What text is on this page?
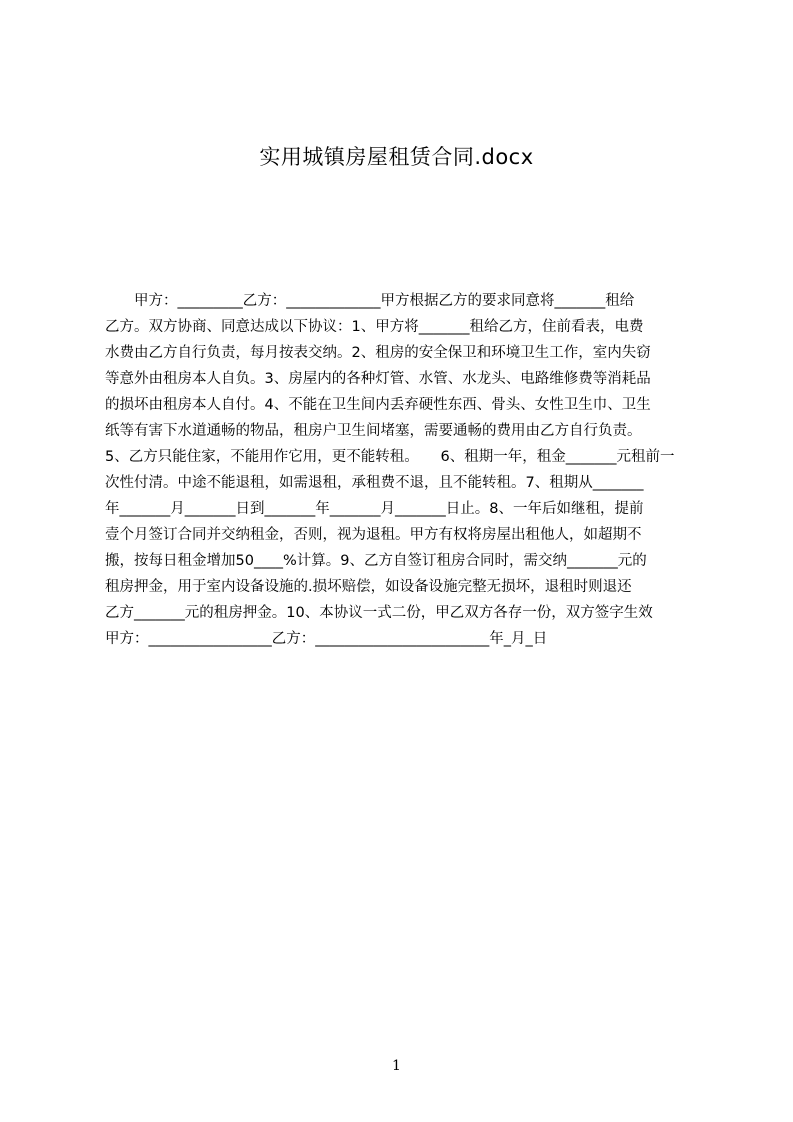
实用城镇房屋租赁合同.docx
　　甲方：_________乙方：_____________甲方根据乙方的要求同意将_______租给
乙方。双方协商、同意达成以下协议：1、甲方将_______租给乙方，住前看表，电费
水费由乙方自行负责，每月按表交纳。2、租房的安全保卫和环境卫生工作，室内失窃
等意外由租房本人自负。3、房屋内的各种灯管、水管、水龙头、电路维修费等消耗品
的损坏由租房本人自付。4、不能在卫生间内丢弃硬性东西、骨头、女性卫生巾、卫生
纸等有害下水道通畅的物品，租房户卫生间堵塞，需要通畅的费用由乙方自行负责。
5、乙方只能住家，不能用作它用，更不能转租。　　6、租期一年，租金_______元租前一
次性付清。中途不能退租，如需退租，承租费不退，且不能转租。7、租期从_______
年_______月_______日到_______年_______月_______日止。8、一年后如继租，提前
壹个月签订合同并交纳租金，否则，视为退租。甲方有权将房屋出租他人，如超期不
搬，按每日租金增加50____%计算。9、乙方自签订租房合同时，需交纳_______元的
租房押金，用于室内设备设施的.损坏赔偿，如设备设施完整无损坏，退租时则退还
乙方_______元的租房押金。10、本协议一式二份，甲乙双方各存一份，双方签字生效
甲方：_________________乙方：________________________年_月_日
1
